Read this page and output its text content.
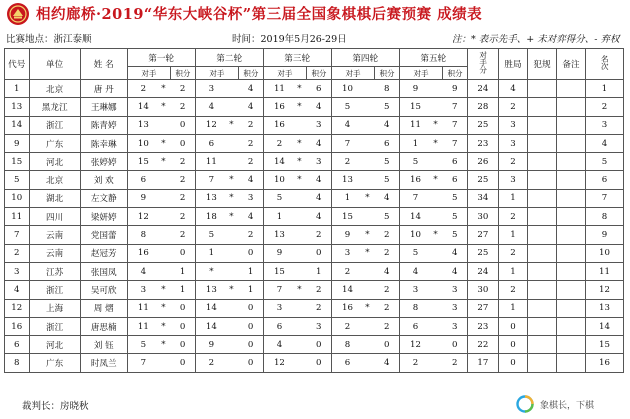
相约廊桥·2019“华东大峡谷杯”第三届全国象棋棋后赛预赛 成绩表
比赛地点：浙江泰顺	时间：2019年5月26-29日	注：* 表示先手、+ 未对弈得分、- 弃权
代号	单位	姓 名	第一轮			第二轮			第三轮			第四轮			第五轮			对手分	胜局	犯规	备注	名次
			对手		积分	对手		积分	对手		积分	对手		积分	对手		积分					
1	北京	唐 丹	2	*	2	3		4	11	*	6	10		8	9		9	24	4			1
13	黑龙江	王琳娜	14	*	2	4		4	16	*	4	5		5	15		7	28	2			2
14	浙江	陈青婷	13		0	12	*	2	16		3	4		4	11	*	7	25	3			3
9	广东	陈幸琳	10	*	0	6		2	2	*	4	7		6	1	*	7	23	3			4
15	河北	张婷婷	15	*	2	11		2	14	*	3	2		5	5		6	26	2			5
5	北京	刘 欢	6		2	7	*	4	10	*	4	13		5	16	*	6	25	3			6
10	湖北	左文静	9		2	13	*	3	5		4	1	*	4	7		5	34	1			7
11	四川	梁妍婷	12		2	18	*	4	1		4	15		5	14		5	30	2			8
7	云南	党国蕾	8		2	5		2	13		2	9	*	2	10	*	5	27	1			9
2	云南	赵冠芳	16		0	1		0	9		0	3	*	2	5		4	25	2			10
3	江苏	张国凤	4		1	*		1	15		1	2		4	4		4	24	1			11
4	浙江	吴可欣	3	*	1	13	*	1	7	*	2	14		2	3		3	30	2			12
12	上海	周 熠	11	*	0	14		0	3		2	16	*	2	8		3	27	1			13
16	浙江	唐思楠	11	*	0	14		0	6		3	2		2	6		3	23	0			14
6	河北	刘 钰	5	*	0	9		0	4		0	8		0	12		0	22	0			15
8	广东	时凤兰	7		0	2		0	12		0	6		4	2		2	17	0			16
裁判长：房晓秋	象棋长，下棋
